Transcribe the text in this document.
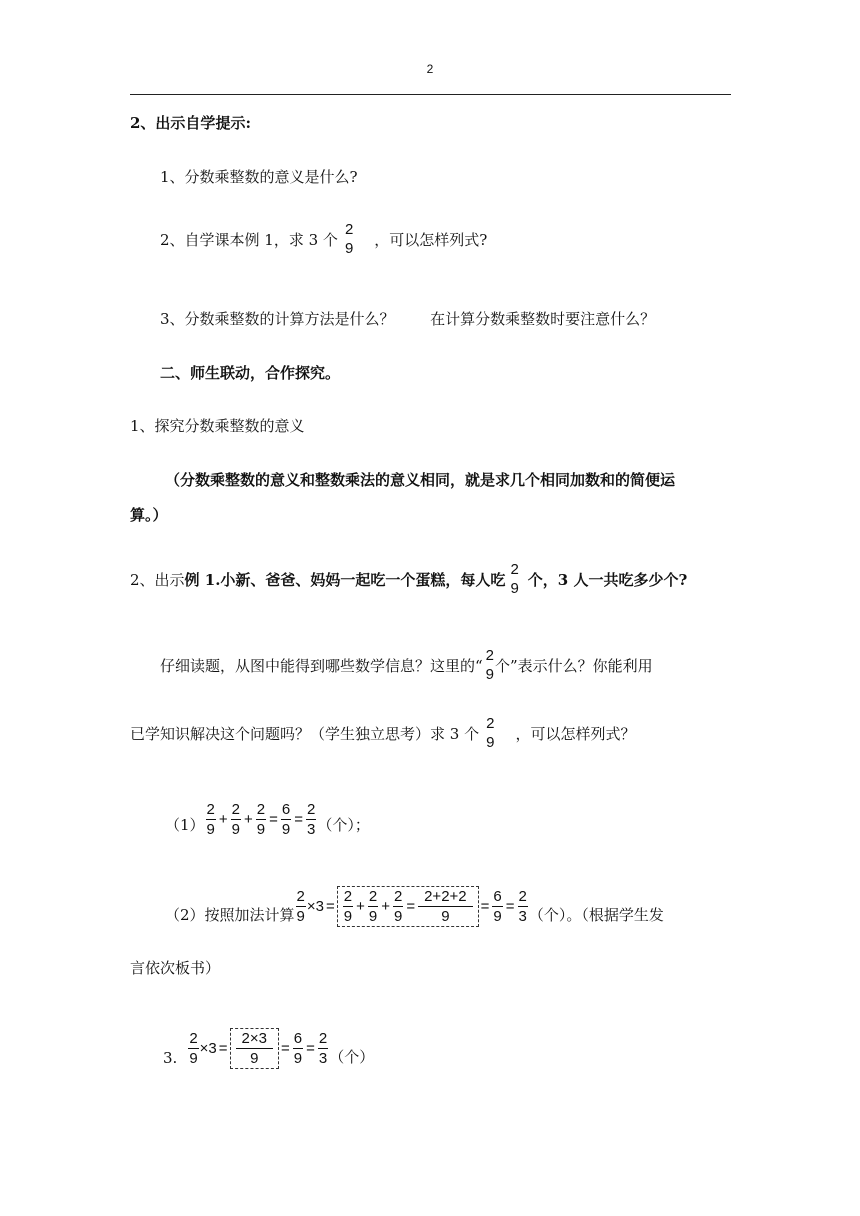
2
2、出示自学提示:
1、分数乘整数的意义是什么?
2、自学课本例 1，求 3 个
2
9 ，可以怎样列式?
3、分数乘整数的计算方法是什么？ 在计算分数乘整数时要注意什么？
二、师生联动，合作探究。
1、探究分数乘整数的意义
（分数乘整数的意义和整数乘法的意义相同，就是求几个相同加数和的简便运
算。）
2、出示 例 1.小新、爸爸、妈妈一起吃一个蛋糕，每人吃
2
9 个，3 人一共吃多少个?
仔细读题，从图中能得到哪些数学信息？这里的“
2
9 个”表示什么？你能利用
已学知识解决这个问题吗？（学生独立思考）求 3 个
2
9 ，可以怎样列式？
$(1) \frac{2}{9} + \frac{2}{9} + \frac{2}{9} = \frac{6}{9} = \frac{2}{3}$ （个）；
（2）按照加法计算 $\frac{2}{9} \times 3 = \frac{2}{9} + \frac{2}{9} + \frac{2}{9} = \frac{2+2+2}{9} = \frac{6}{9} = \frac{2}{3}$ （个）。（根据学生发
言依次板书）
3. $\frac{2}{9} \times 3 = \frac{2\times 3}{9} = \frac{6}{9} = \frac{2}{3}$ （个）
